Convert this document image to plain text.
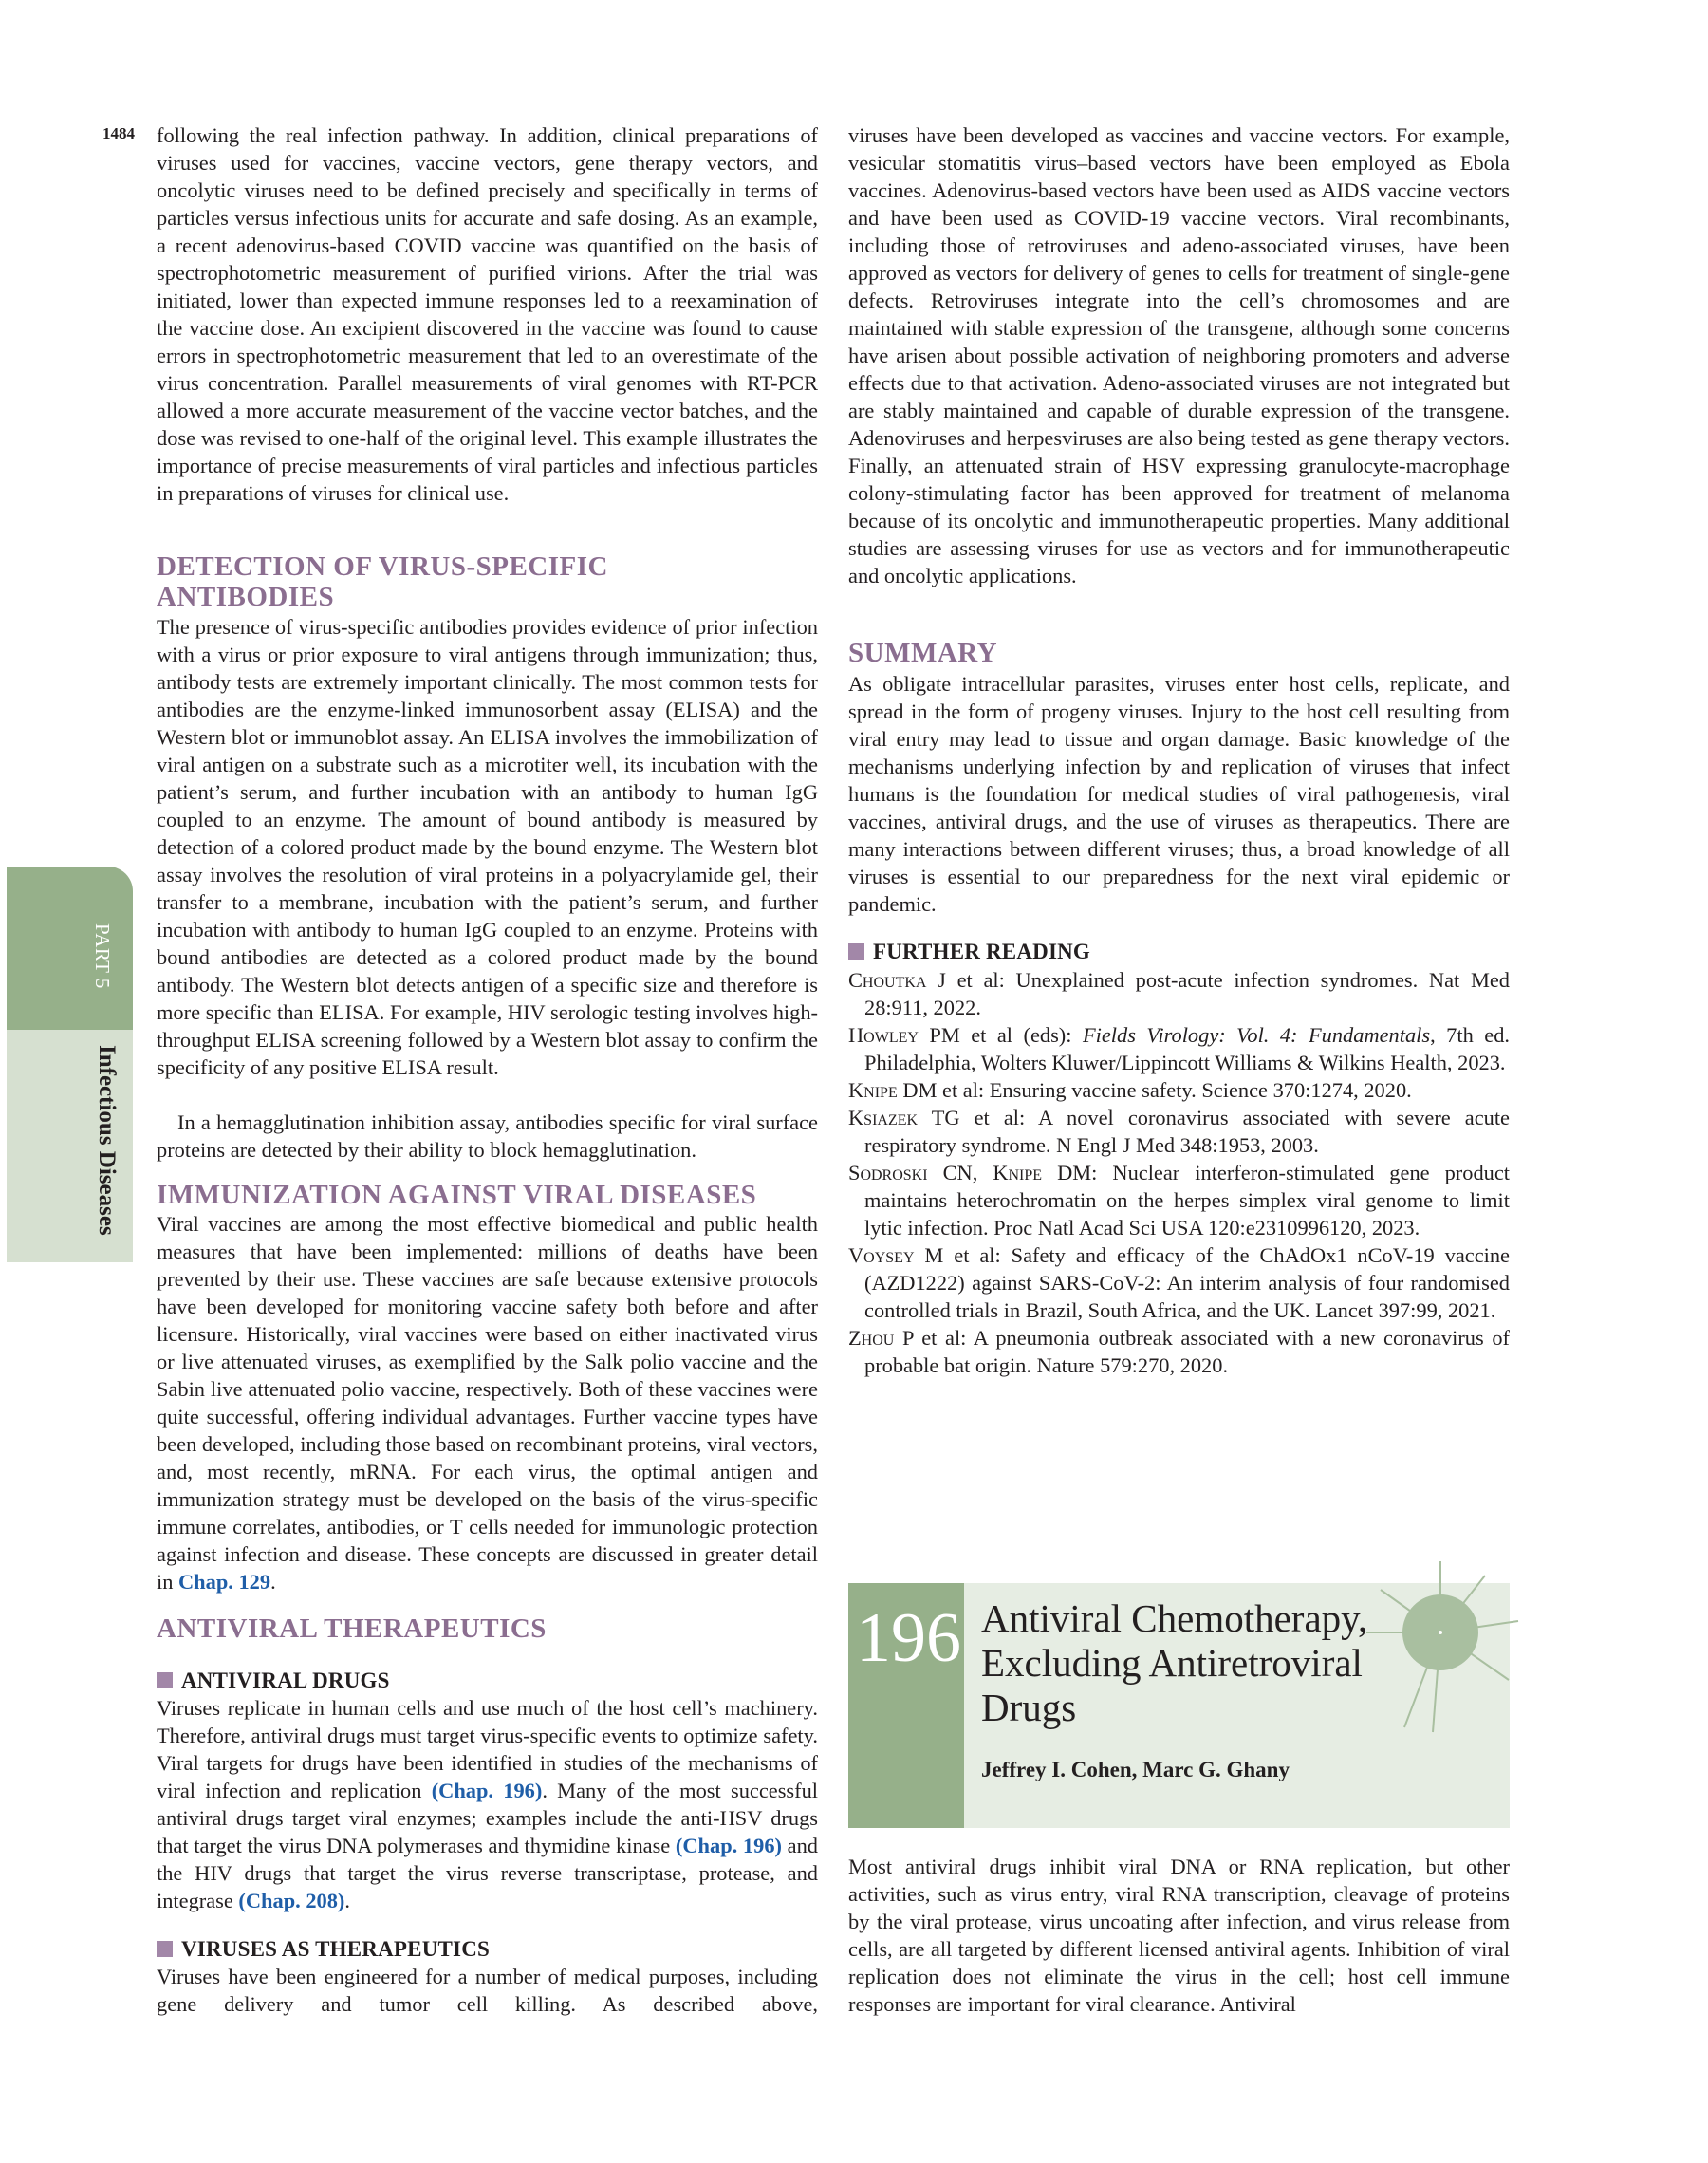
1484
PART 5
Infectious Diseases
following the real infection pathway. In addition, clinical preparations of viruses used for vaccines, vaccine vectors, gene therapy vectors, and oncolytic viruses need to be defined precisely and specifically in terms of particles versus infectious units for accurate and safe dosing. As an example, a recent adenovirus-based COVID vaccine was quantified on the basis of spectrophotometric measurement of purified virions. After the trial was initiated, lower than expected immune responses led to a reexamination of the vaccine dose. An excipient discovered in the vaccine was found to cause errors in spectrophotometric measurement that led to an overestimate of the virus concentration. Parallel measurements of viral genomes with RT-PCR allowed a more accurate measurement of the vaccine vector batches, and the dose was revised to one-half of the original level. This example illustrates the importance of precise measurements of viral particles and infectious particles in preparations of viruses for clinical use.
DETECTION OF VIRUS-SPECIFIC ANTIBODIES
The presence of virus-specific antibodies provides evidence of prior infection with a virus or prior exposure to viral antigens through immunization; thus, antibody tests are extremely important clinically. The most common tests for antibodies are the enzyme-linked immunosorbent assay (ELISA) and the Western blot or immunoblot assay. An ELISA involves the immobilization of viral antigen on a substrate such as a microtiter well, its incubation with the patient’s serum, and further incubation with an antibody to human IgG coupled to an enzyme. The amount of bound antibody is measured by detection of a colored product made by the bound enzyme. The Western blot assay involves the resolution of viral proteins in a polyacrylamide gel, their transfer to a membrane, incubation with the patient’s serum, and further incubation with antibody to human IgG coupled to an enzyme. Proteins with bound antibodies are detected as a colored product made by the bound antibody. The Western blot detects antigen of a specific size and therefore is more specific than ELISA. For example, HIV serologic testing involves high-throughput ELISA screening followed by a Western blot assay to confirm the specificity of any positive ELISA result.
In a hemagglutination inhibition assay, antibodies specific for viral surface proteins are detected by their ability to block hemagglutination.
IMMUNIZATION AGAINST VIRAL DISEASES
Viral vaccines are among the most effective biomedical and public health measures that have been implemented: millions of deaths have been prevented by their use. These vaccines are safe because extensive protocols have been developed for monitoring vaccine safety both before and after licensure. Historically, viral vaccines were based on either inactivated virus or live attenuated viruses, as exemplified by the Salk polio vaccine and the Sabin live attenuated polio vaccine, respectively. Both of these vaccines were quite successful, offering individual advantages. Further vaccine types have been developed, including those based on recombinant proteins, viral vectors, and, most recently, mRNA. For each virus, the optimal antigen and immunization strategy must be developed on the basis of the virus-specific immune correlates, antibodies, or T cells needed for immunologic protection against infection and disease. These concepts are discussed in greater detail in Chap. 129.
ANTIVIRAL THERAPEUTICS
ANTIVIRAL DRUGS
Viruses replicate in human cells and use much of the host cell’s machinery. Therefore, antiviral drugs must target virus-specific events to optimize safety. Viral targets for drugs have been identified in studies of the mechanisms of viral infection and replication (Chap. 196). Many of the most successful antiviral drugs target viral enzymes; examples include the anti-HSV drugs that target the virus DNA polymerases and thymidine kinase (Chap. 196) and the HIV drugs that target the virus reverse transcriptase, protease, and integrase (Chap. 208).
VIRUSES AS THERAPEUTICS
Viruses have been engineered for a number of medical purposes, including gene delivery and tumor cell killing. As described above,
viruses have been developed as vaccines and vaccine vectors. For example, vesicular stomatitis virus–based vectors have been employed as Ebola vaccines. Adenovirus-based vectors have been used as AIDS vaccine vectors and have been used as COVID-19 vaccine vectors. Viral recombinants, including those of retroviruses and adeno-associated viruses, have been approved as vectors for delivery of genes to cells for treatment of single-gene defects. Retroviruses integrate into the cell’s chromosomes and are maintained with stable expression of the transgene, although some concerns have arisen about possible activation of neighboring promoters and adverse effects due to that activation. Adeno-associated viruses are not integrated but are stably maintained and capable of durable expression of the transgene. Adenoviruses and herpesviruses are also being tested as gene therapy vectors. Finally, an attenuated strain of HSV expressing granulocyte-macrophage colony-stimulating factor has been approved for treatment of melanoma because of its oncolytic and immunotherapeutic properties. Many additional studies are assessing viruses for use as vectors and for immunotherapeutic and oncolytic applications.
SUMMARY
As obligate intracellular parasites, viruses enter host cells, replicate, and spread in the form of progeny viruses. Injury to the host cell resulting from viral entry may lead to tissue and organ damage. Basic knowledge of the mechanisms underlying infection by and replication of viruses that infect humans is the foundation for medical studies of viral pathogenesis, viral vaccines, antiviral drugs, and the use of viruses as therapeutics. There are many interactions between different viruses; thus, a broad knowledge of all viruses is essential to our preparedness for the next viral epidemic or pandemic.
FURTHER READING
Choutka J et al: Unexplained post-acute infection syndromes. Nat Med 28:911, 2022.
Howley PM et al (eds): Fields Virology: Vol. 4: Fundamentals, 7th ed. Philadelphia, Wolters Kluwer/Lippincott Williams & Wilkins Health, 2023.
Knipe DM et al: Ensuring vaccine safety. Science 370:1274, 2020.
Ksiazek TG et al: A novel coronavirus associated with severe acute respiratory syndrome. N Engl J Med 348:1953, 2003.
Sodroski CN, Knipe DM: Nuclear interferon-stimulated gene product maintains heterochromatin on the herpes simplex viral genome to limit lytic infection. Proc Natl Acad Sci USA 120:e2310996120, 2023.
Voysey M et al: Safety and efficacy of the ChAdOx1 nCoV-19 vaccine (AZD1222) against SARS-CoV-2: An interim analysis of four randomised controlled trials in Brazil, South Africa, and the UK. Lancet 397:99, 2021.
Zhou P et al: A pneumonia outbreak associated with a new coronavirus of probable bat origin. Nature 579:270, 2020.
196 Antiviral Chemotherapy, Excluding Antiretroviral Drugs
Jeffrey I. Cohen, Marc G. Ghany
Most antiviral drugs inhibit viral DNA or RNA replication, but other activities, such as virus entry, viral RNA transcription, cleavage of proteins by the viral protease, virus uncoating after infection, and virus release from cells, are all targeted by different licensed antiviral agents. Inhibition of viral replication does not eliminate the virus in the cell; host cell immune responses are important for viral clearance. Antiviral
